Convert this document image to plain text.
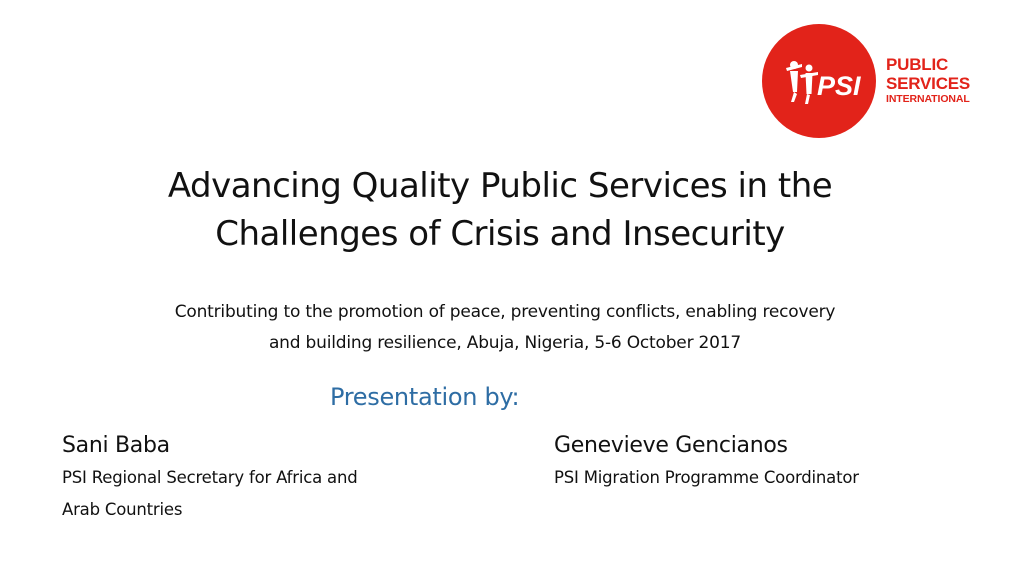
PSI
PUBLIC
SERVICES
INTERNATIONAL
Advancing Quality Public Services in the
Challenges of Crisis and Insecurity
Contributing to the promotion of peace, preventing conflicts, enabling recovery
and building resilience, Abuja, Nigeria, 5-6 October 2017
Presentation by:
Sani Baba
PSI Regional Secretary for Africa and
Arab Countries
Genevieve Gencianos
PSI Migration Programme Coordinator
